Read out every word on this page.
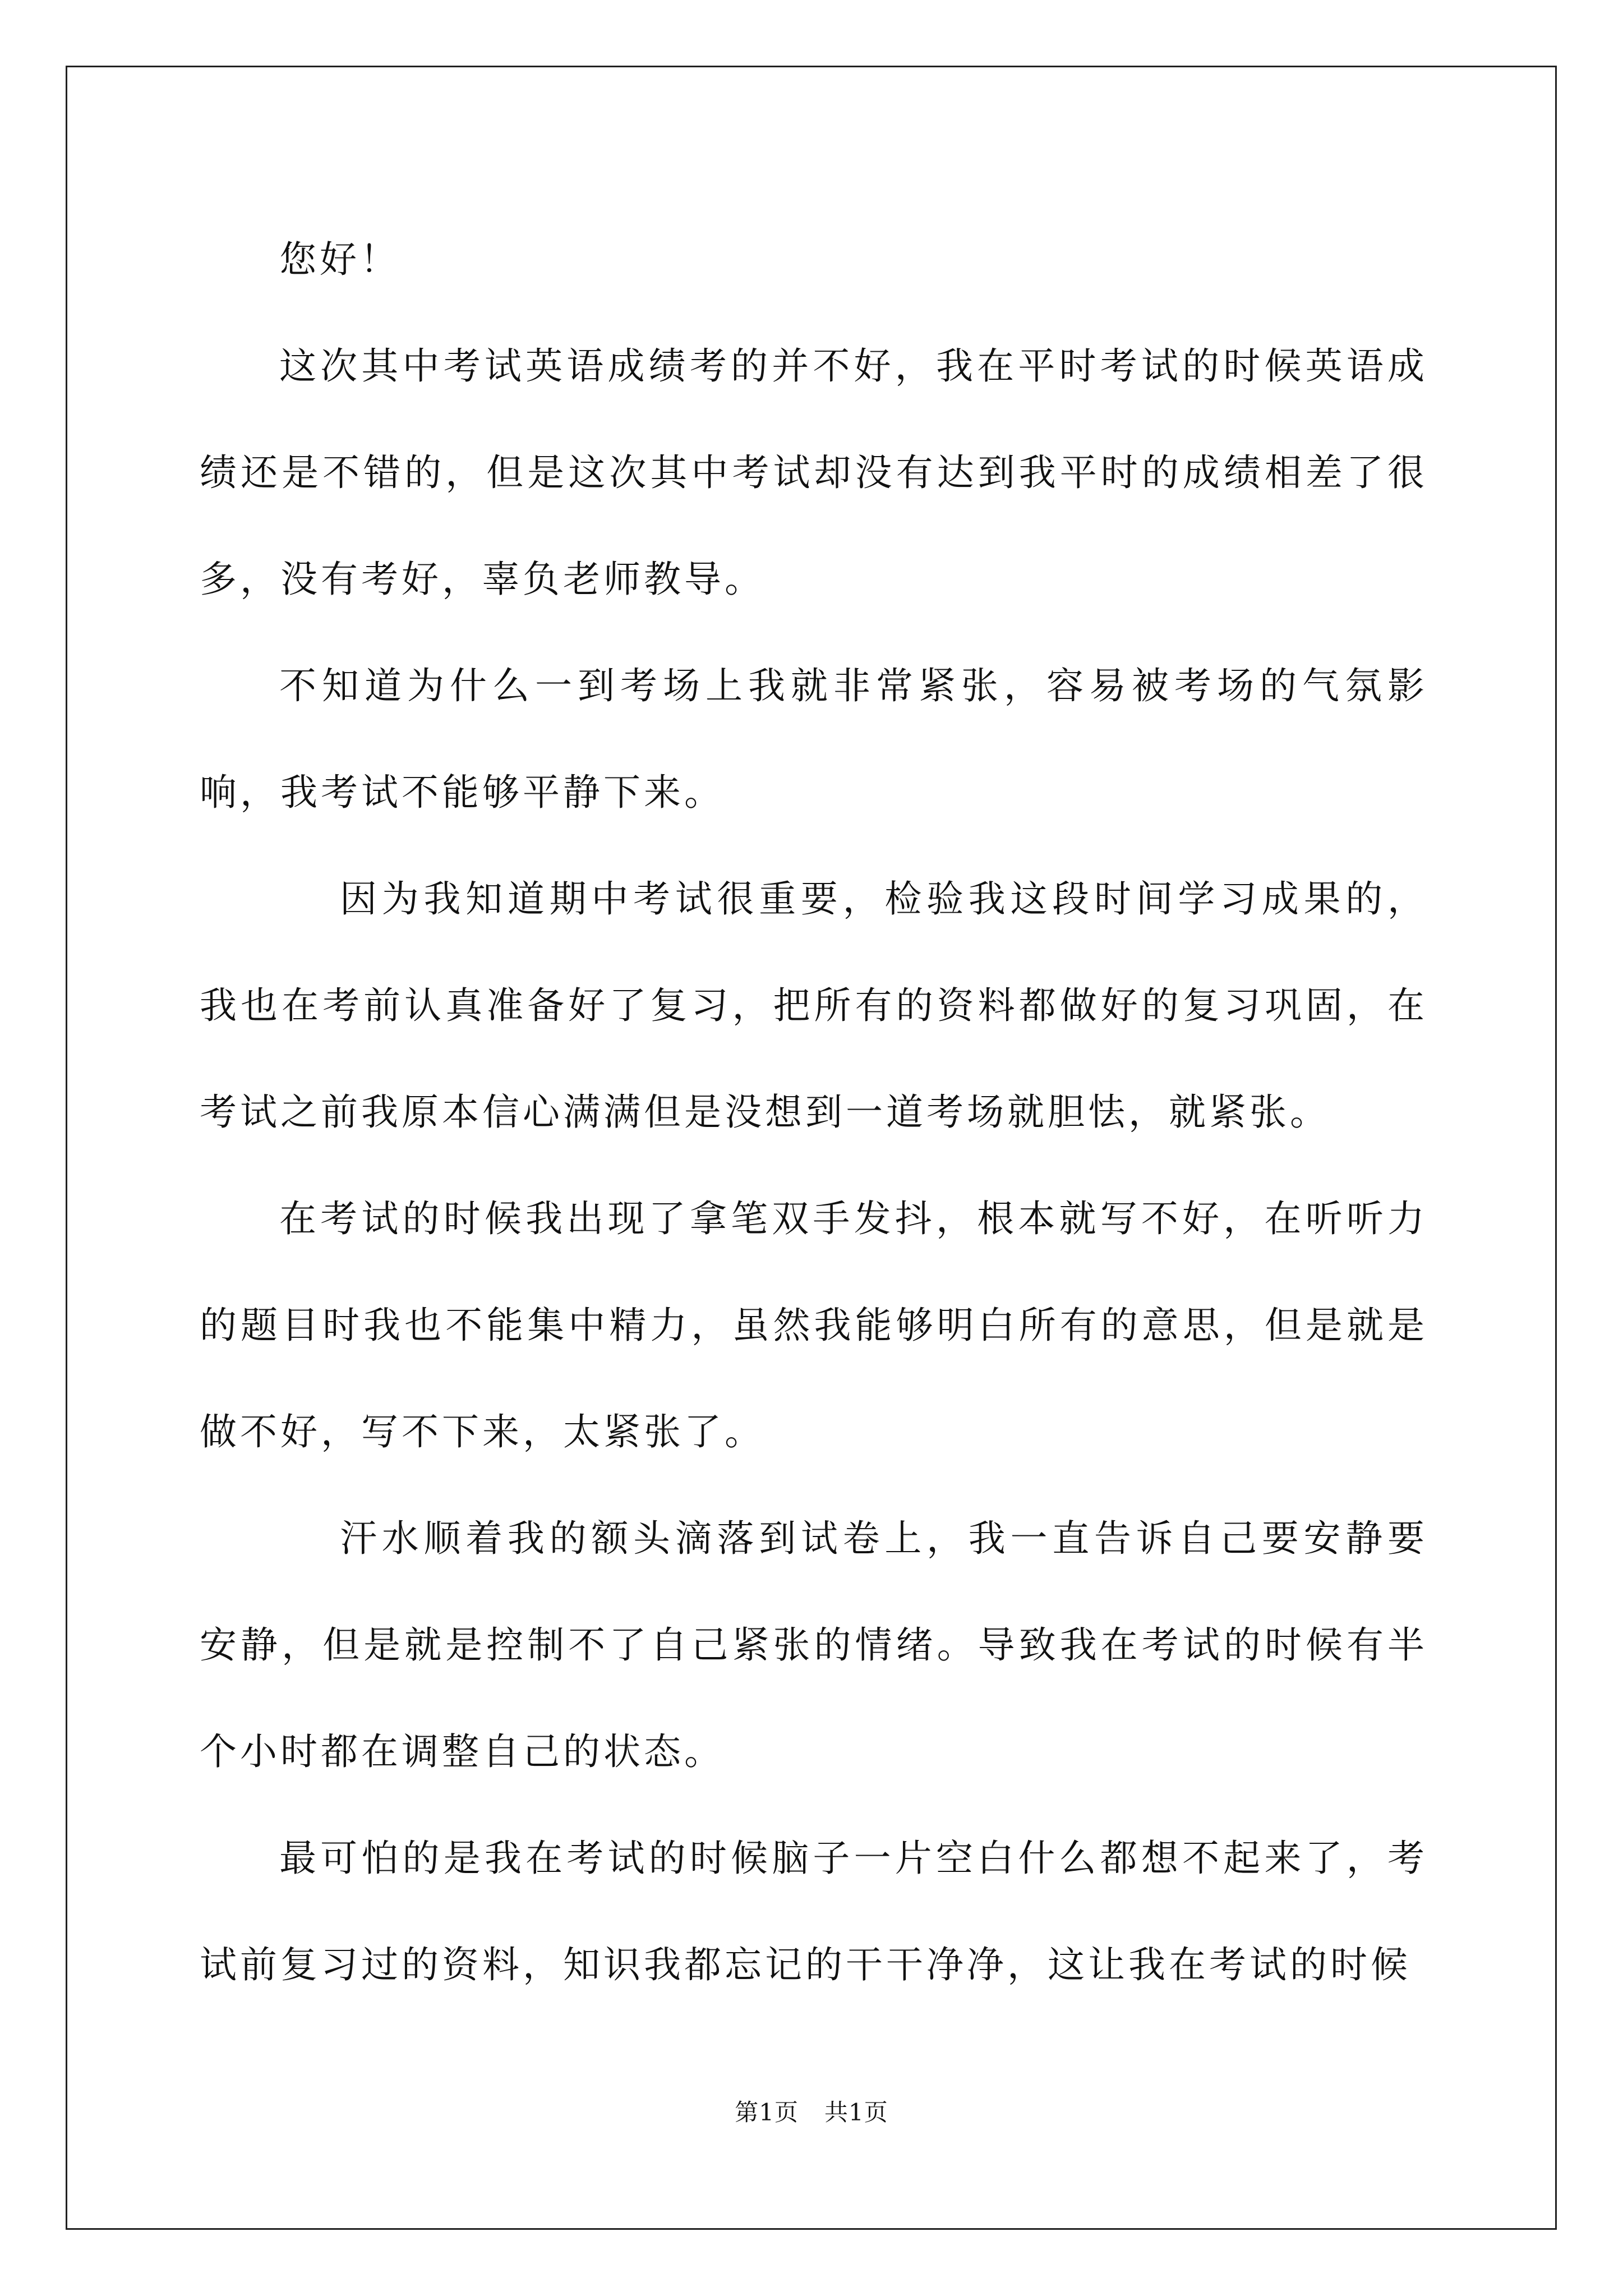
您好！

这次其中考试英语成绩考的并不好，我在平时考试的时候英语成绩还是不错的，但是这次其中考试却没有达到我平时的成绩相差了很多，没有考好，辜负老师教导。

不知道为什么一到考场上我就非常紧张，容易被考场的气氛影响，我考试不能够平静下来。

因为我知道期中考试很重要，检验我这段时间学习成果的，我也在考前认真准备好了复习，把所有的资料都做好的复习巩固，在考试之前我原本信心满满但是没想到一道考场就胆怯，就紧张。

在考试的时候我出现了拿笔双手发抖，根本就写不好，在听听力的题目时我也不能集中精力，虽然我能够明白所有的意思，但是就是做不好，写不下来，太紧张了。

汗水顺着我的额头滴落到试卷上，我一直告诉自己要安静要安静，但是就是控制不了自己紧张的情绪。导致我在考试的时候有半个小时都在调整自己的状态。

最可怕的是我在考试的时候脑子一片空白什么都想不起来了，考试前复习过的资料，知识我都忘记的干干净净，这让我在考试的时候

第1页 共1页
